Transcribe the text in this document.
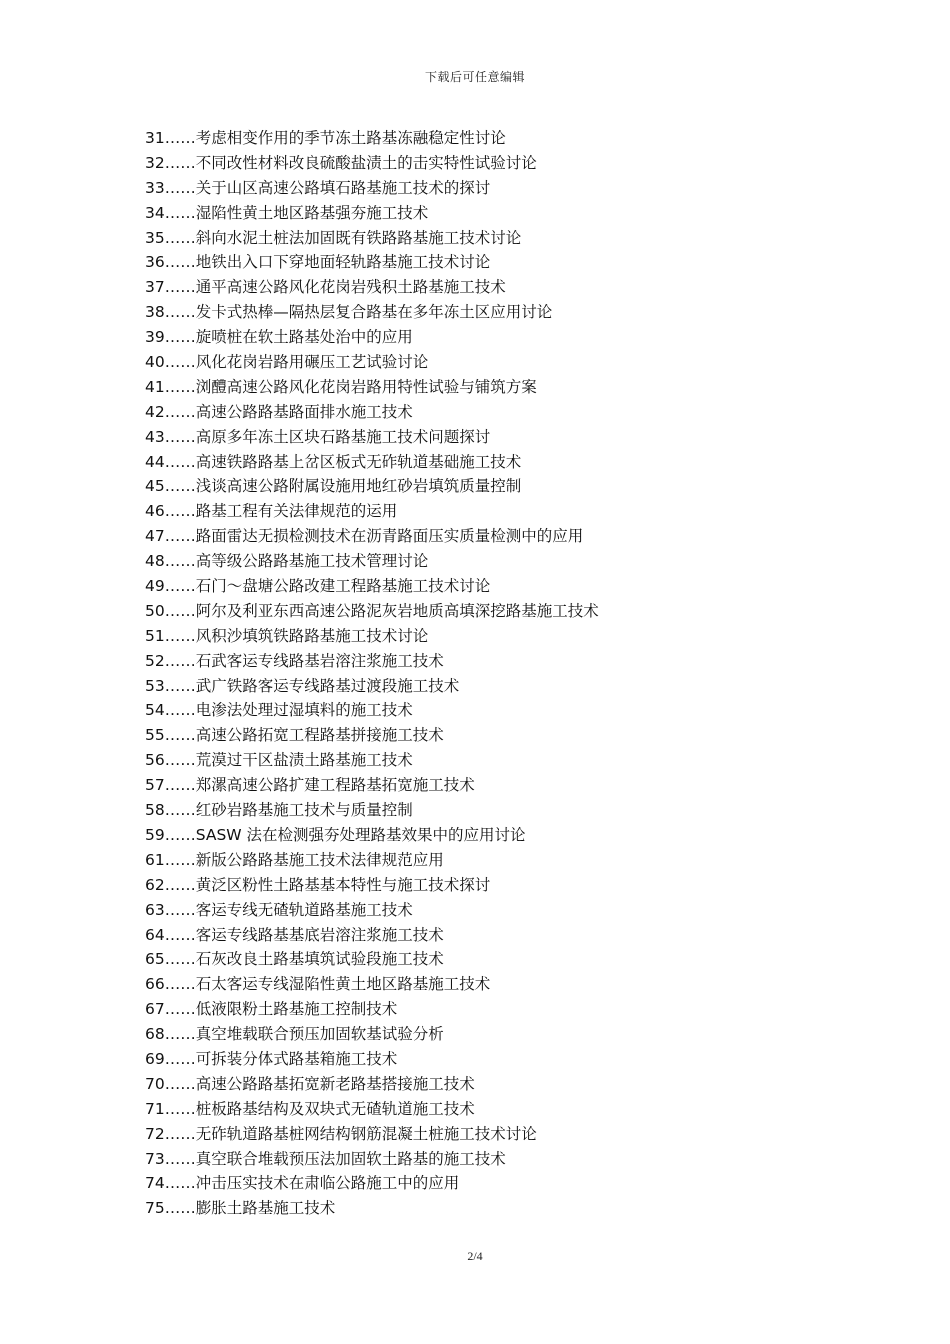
下载后可任意编辑
31……考虑相变作用的季节冻土路基冻融稳定性讨论
32……不同改性材料改良硫酸盐渍土的击实特性试验讨论
33……关于山区高速公路填石路基施工技术的探讨
34……湿陷性黄土地区路基强夯施工技术
35……斜向水泥土桩法加固既有铁路路基施工技术讨论
36……地铁出入口下穿地面轻轨路基施工技术讨论
37……通平高速公路风化花岗岩残积土路基施工技术
38……发卡式热棒—隔热层复合路基在多年冻土区应用讨论
39……旋喷桩在软土路基处治中的应用
40……风化花岗岩路用碾压工艺试验讨论
41……浏醴高速公路风化花岗岩路用特性试验与铺筑方案
42……高速公路路基路面排水施工技术
43……高原多年冻土区块石路基施工技术问题探讨
44……高速铁路路基上岔区板式无砟轨道基础施工技术
45……浅谈高速公路附属设施用地红砂岩填筑质量控制
46……路基工程有关法律规范的运用
47……路面雷达无损检测技术在沥青路面压实质量检测中的应用
48……高等级公路路基施工技术管理讨论
49……石门～盘塘公路改建工程路基施工技术讨论
50……阿尔及利亚东西高速公路泥灰岩地质高填深挖路基施工技术
51……风积沙填筑铁路路基施工技术讨论
52……石武客运专线路基岩溶注浆施工技术
53……武广铁路客运专线路基过渡段施工技术
54……电渗法处理过湿填料的施工技术
55……高速公路拓宽工程路基拼接施工技术
56……荒漠过干区盐渍土路基施工技术
57……郑漯高速公路扩建工程路基拓宽施工技术
58……红砂岩路基施工技术与质量控制
59……SASW 法在检测强夯处理路基效果中的应用讨论
61……新版公路路基施工技术法律规范应用
62……黄泛区粉性土路基基本特性与施工技术探讨
63……客运专线无碴轨道路基施工技术
64……客运专线路基基底岩溶注浆施工技术
65……石灰改良土路基填筑试验段施工技术
66……石太客运专线湿陷性黄土地区路基施工技术
67……低液限粉土路基施工控制技术
68……真空堆载联合预压加固软基试验分析
69……可拆装分体式路基箱施工技术
70……高速公路路基拓宽新老路基搭接施工技术
71……桩板路基结构及双块式无碴轨道施工技术
72……无砟轨道路基桩网结构钢筋混凝土桩施工技术讨论
73……真空联合堆载预压法加固软土路基的施工技术
74……冲击压实技术在肃临公路施工中的应用
75……膨胀土路基施工技术
2/4
